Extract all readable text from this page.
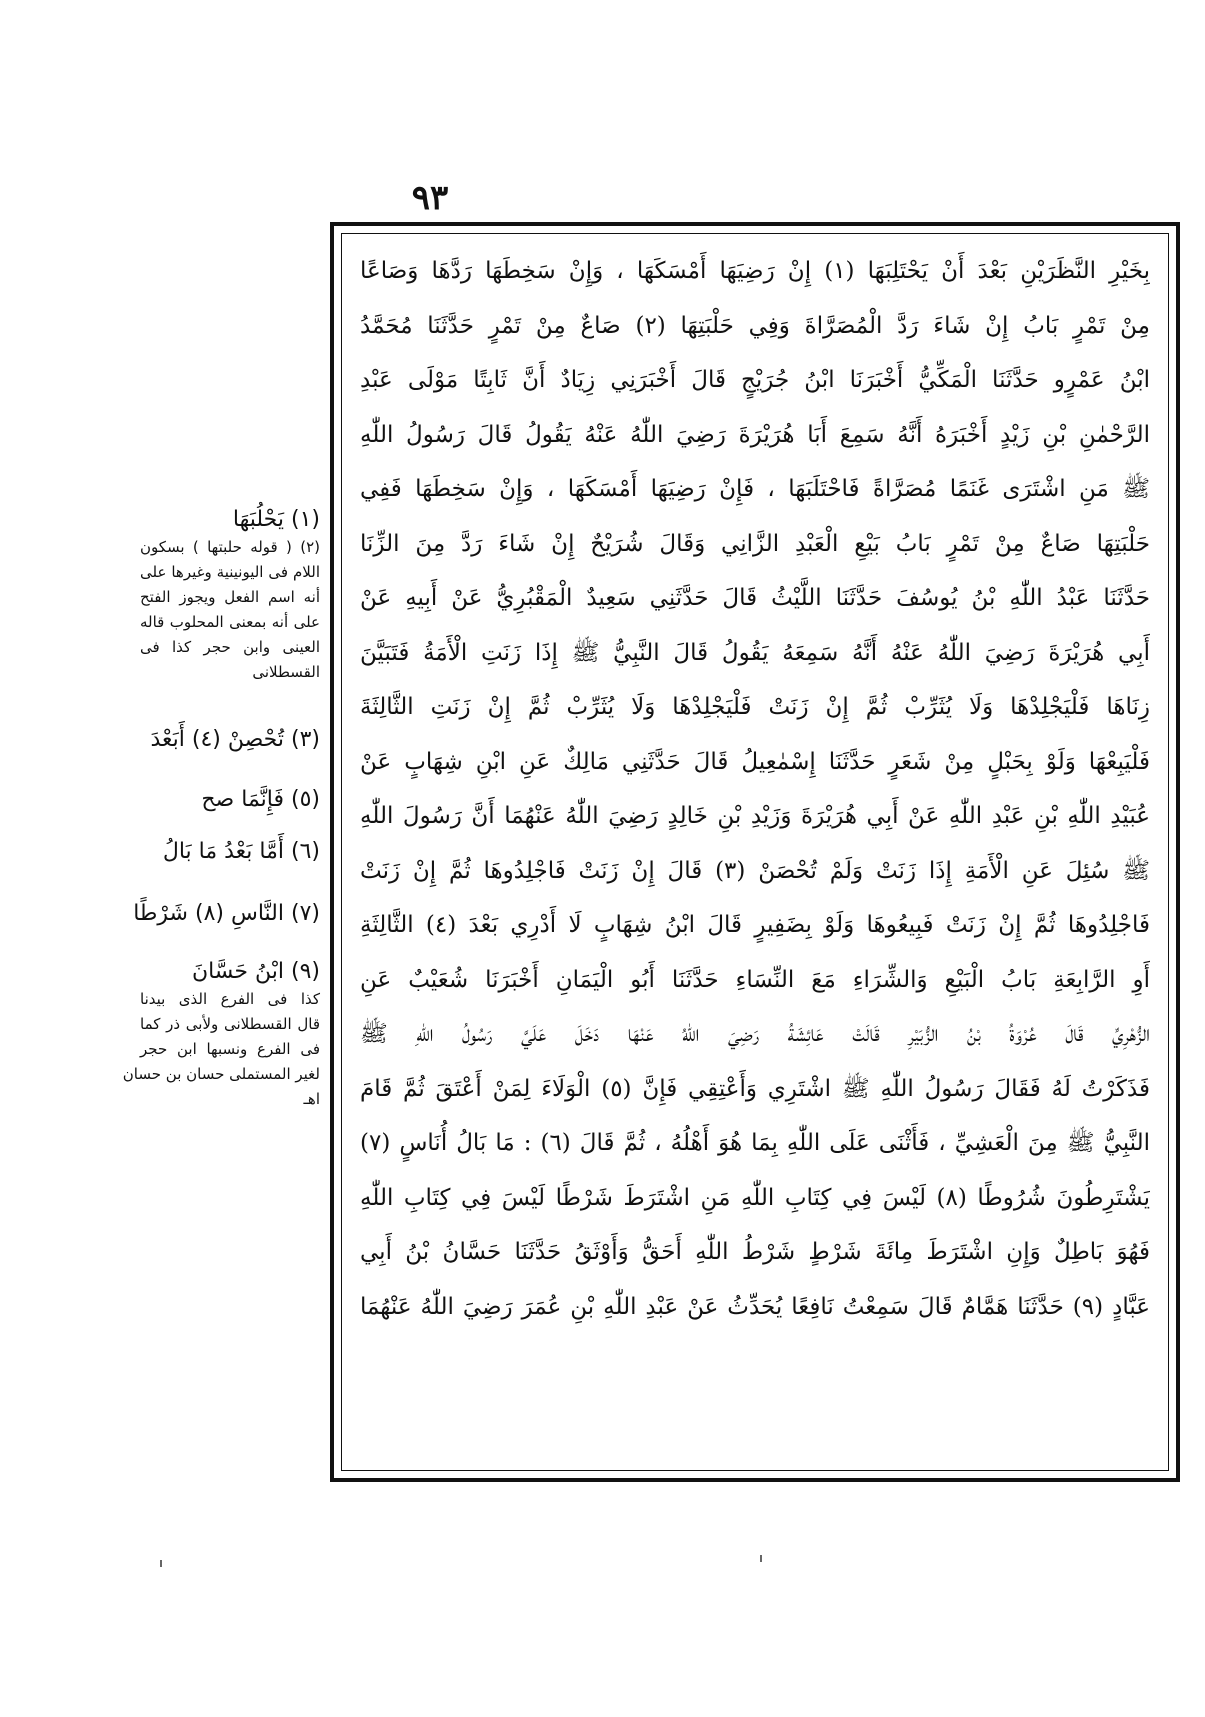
٩٣
بِخَيْرِ النَّظَرَيْنِ بَعْدَ أَنْ يَحْتَلِبَهَا (١) إِنْ رَضِيَهَا أَمْسَكَهَا ، وَإِنْ سَخِطَهَا رَدَّهَا وَصَاعًا
مِنْ تَمْرٍ بَابُ إِنْ شَاءَ رَدَّ الْمُصَرَّاةَ وَفِي حَلْبَتِهَا (٢) صَاعٌ مِنْ تَمْرٍ حَدَّثَنَا مُحَمَّدُ
ابْنُ عَمْرٍو حَدَّثَنَا الْمَكِّيُّ أَخْبَرَنَا ابْنُ جُرَيْجٍ قَالَ أَخْبَرَنِي زِيَادٌ أَنَّ ثَابِتًا مَوْلَى عَبْدِ
الرَّحْمٰنِ بْنِ زَيْدٍ أَخْبَرَهُ أَنَّهُ سَمِعَ أَبَا هُرَيْرَةَ رَضِيَ اللّٰهُ عَنْهُ يَقُولُ قَالَ رَسُولُ اللّٰهِ
ﷺ مَنِ اشْتَرَى غَنَمًا مُصَرَّاةً فَاحْتَلَبَهَا ، فَإِنْ رَضِيَهَا أَمْسَكَهَا ، وَإِنْ سَخِطَهَا فَفِي
حَلْبَتِهَا صَاعٌ مِنْ تَمْرٍ بَابُ بَيْعِ الْعَبْدِ الزَّانِي وَقَالَ شُرَيْحٌ إِنْ شَاءَ رَدَّ مِنَ الزِّنَا
حَدَّثَنَا عَبْدُ اللّٰهِ بْنُ يُوسُفَ حَدَّثَنَا اللَّيْثُ قَالَ حَدَّثَنِي سَعِيدٌ الْمَقْبُرِيُّ عَنْ أَبِيهِ عَنْ
أَبِي هُرَيْرَةَ رَضِيَ اللّٰهُ عَنْهُ أَنَّهُ سَمِعَهُ يَقُولُ قَالَ النَّبِيُّ ﷺ إِذَا زَنَتِ الْأَمَةُ فَتَبَيَّنَ
زِنَاهَا فَلْيَجْلِدْهَا وَلَا يُثَرِّبْ ثُمَّ إِنْ زَنَتْ فَلْيَجْلِدْهَا وَلَا يُثَرِّبْ ثُمَّ إِنْ زَنَتِ الثَّالِثَةَ
فَلْيَبِعْهَا وَلَوْ بِحَبْلٍ مِنْ شَعَرٍ حَدَّثَنَا إِسْمٰعِيلُ قَالَ حَدَّثَنِي مَالِكٌ عَنِ ابْنِ شِهَابٍ عَنْ
عُبَيْدِ اللّٰهِ بْنِ عَبْدِ اللّٰهِ عَنْ أَبِي هُرَيْرَةَ وَزَيْدِ بْنِ خَالِدٍ رَضِيَ اللّٰهُ عَنْهُمَا أَنَّ رَسُولَ اللّٰهِ
ﷺ سُئِلَ عَنِ الْأَمَةِ إِذَا زَنَتْ وَلَمْ تُحْصَنْ (٣) قَالَ إِنْ زَنَتْ فَاجْلِدُوهَا ثُمَّ إِنْ زَنَتْ
فَاجْلِدُوهَا ثُمَّ إِنْ زَنَتْ فَبِيعُوهَا وَلَوْ بِضَفِيرٍ قَالَ ابْنُ شِهَابٍ لَا أَدْرِي بَعْدَ (٤) الثَّالِثَةِ
أَوِ الرَّابِعَةِ بَابُ الْبَيْعِ وَالشِّرَاءِ مَعَ النِّسَاءِ حَدَّثَنَا أَبُو الْيَمَانِ أَخْبَرَنَا شُعَيْبٌ عَنِ
الزُّهْرِيِّ قَالَ عُرْوَةُ بْنُ الزُّبَيْرِ قَالَتْ عَائِشَةُ رَضِيَ اللّٰهُ عَنْهَا دَخَلَ عَلَيَّ رَسُولُ اللّٰهِ ﷺ
فَذَكَرْتُ لَهُ فَقَالَ رَسُولُ اللّٰهِ ﷺ اشْتَرِي وَأَعْتِقِي فَإِنَّ (٥) الْوَلَاءَ لِمَنْ أَعْتَقَ ثُمَّ قَامَ
النَّبِيُّ ﷺ مِنَ الْعَشِيِّ ، فَأَثْنَى عَلَى اللّٰهِ بِمَا هُوَ أَهْلُهُ ، ثُمَّ قَالَ (٦) : مَا بَالُ أُنَاسٍ (٧)
يَشْتَرِطُونَ شُرُوطًا (٨) لَيْسَ فِي كِتَابِ اللّٰهِ مَنِ اشْتَرَطَ شَرْطًا لَيْسَ فِي كِتَابِ اللّٰهِ
فَهُوَ بَاطِلٌ وَإِنِ اشْتَرَطَ مِائَةَ شَرْطٍ شَرْطُ اللّٰهِ أَحَقُّ وَأَوْثَقُ حَدَّثَنَا حَسَّانُ بْنُ أَبِي
عَبَّادٍ (٩) حَدَّثَنَا هَمَّامٌ قَالَ سَمِعْتُ نَافِعًا يُحَدِّثُ عَنْ عَبْدِ اللّٰهِ بْنِ عُمَرَ رَضِيَ اللّٰهُ عَنْهُمَا
(١) يَحْلُبَهَا
(٢) ( قوله حلبتها ) بسكون
اللام فى اليونينية وغيرها على
أنه اسم الفعل ويجوز الفتح
على أنه بمعنى المحلوب قاله
العينى وابن حجر كذا فى
القسطلانى
(٣) تُحْصِنْ (٤) أَبَعْدَ
(٥) فَإِنَّمَا صح
(٦) أَمَّا بَعْدُ مَا بَالُ
(٧) النَّاسِ (٨) شَرْطًا
(٩) ابْنُ حَسَّانَ
كذا فى الفرع الذى بيدنا
قال القسطلانى ولأبى ذر كما
فى الفرع ونسبها ابن حجر
لغير المستملى حسان بن حسان
اهـ
